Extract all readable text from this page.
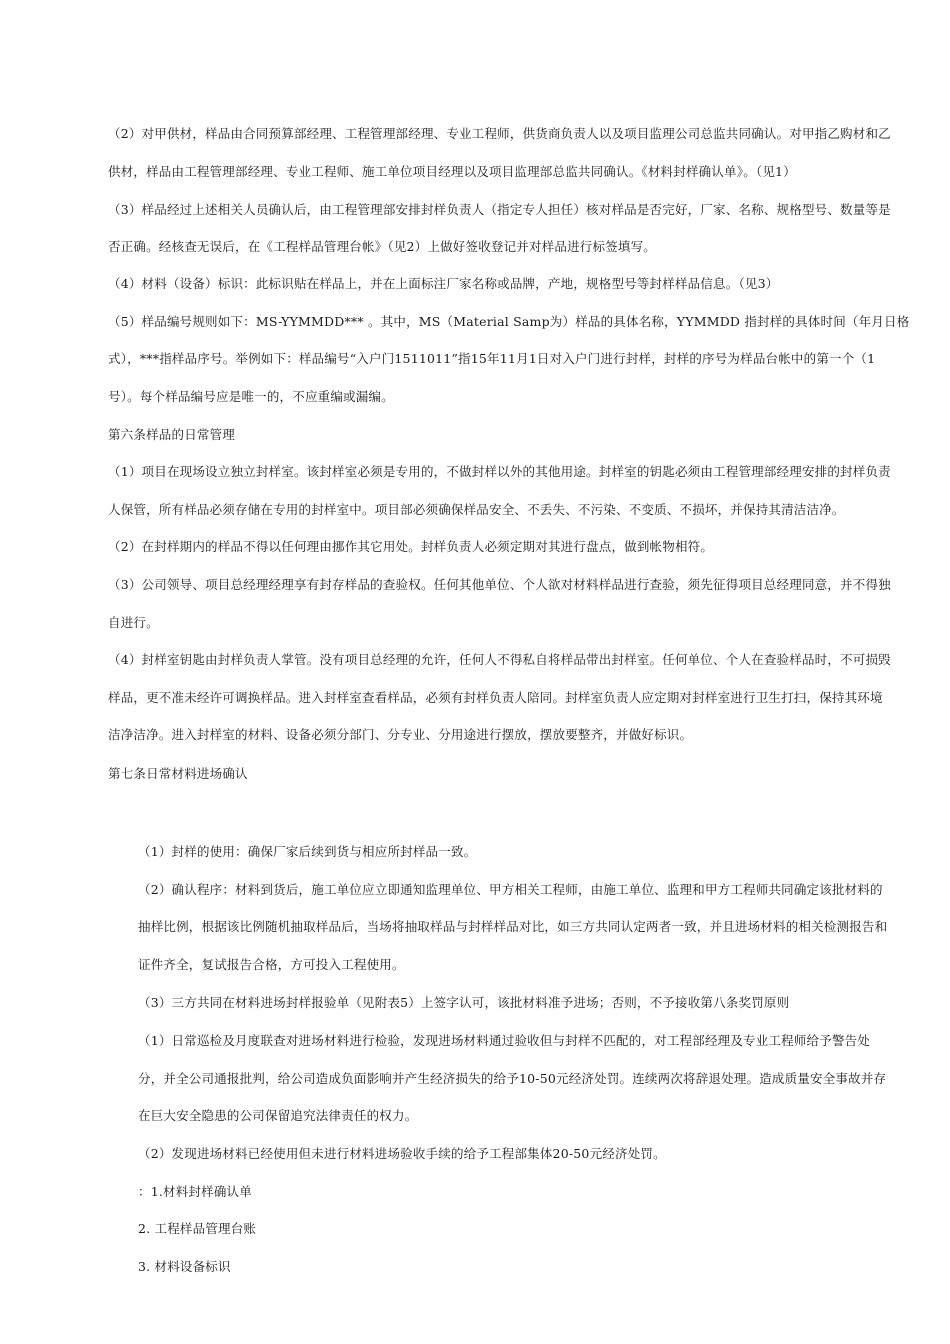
（2）对甲供材，样品由合同预算部经理、工程管理部经理、专业工程师，供货商负责人以及项目监理公司总监共同确认。对甲指乙购材和乙
供材，样品由工程管理部经理、专业工程师、施工单位项目经理以及项目监理部总监共同确认。《材料封样确认单》。（见1）
（3）样品经过上述相关人员确认后，由工程管理部安排封样负责人（指定专人担任）核对样品是否完好，厂家、名称、规格型号、数量等是
否正确。经核查无误后，在《工程样品管理台帐》（见2）上做好签收登记并对样品进行标签填写。
（4）材料（设备）标识：此标识贴在样品上，并在上面标注厂家名称或品牌，产地，规格型号等封样样品信息。（见3）
（5）样品编号规则如下：MS-YYMMDD*** 。其中，MS（Material Samp为）样品的具体名称，YYMMDD 指封样的具体时间（年月日格
式），***指样品序号。举例如下：样品编号“入户门1511011”指15年11月1日对入户门进行封样，封样的序号为样品台帐中的第一个（1
号）。每个样品编号应是唯一的，不应重编或漏编。
第六条样品的日常管理
（1）项目在现场设立独立封样室。该封样室必须是专用的，不做封样以外的其他用途。封样室的钥匙必须由工程管理部经理安排的封样负责
人保管，所有样品必须存储在专用的封样室中。项目部必须确保样品安全、不丢失、不污染、不变质、不损坏，并保持其清洁洁净。
（2）在封样期内的样品不得以任何理由挪作其它用处。封样负责人必须定期对其进行盘点，做到帐物相符。
（3）公司领导、项目总经理经理享有封存样品的查验权。任何其他单位、个人欲对材料样品进行查验，须先征得项目总经理同意，并不得独
自进行。
（4）封样室钥匙由封样负责人掌管。没有项目总经理的允许，任何人不得私自将样品带出封样室。任何单位、个人在查验样品时，不可损毁
样品，更不准未经许可调换样品。进入封样室查看样品，必须有封样负责人陪同。封样室负责人应定期对封样室进行卫生打扫，保持其环境
洁净洁净。进入封样室的材料、设备必须分部门、分专业、分用途进行摆放，摆放要整齐，并做好标识。
第七条日常材料进场确认
（1）封样的使用：确保厂家后续到货与相应所封样品一致。
（2）确认程序：材料到货后，施工单位应立即通知监理单位、甲方相关工程师，由施工单位、监理和甲方工程师共同确定该批材料的
抽样比例，根据该比例随机抽取样品后，当场将抽取样品与封样样品对比，如三方共同认定两者一致，并且进场材料的相关检测报告和
证件齐全，复试报告合格，方可投入工程使用。
（3）三方共同在材料进场封样报验单（见附表5）上签字认可，该批材料准予进场；否则，不予接收第八条奖罚原则
（1）日常巡检及月度联查对进场材料进行检验，发现进场材料通过验收但与封样不匹配的，对工程部经理及专业工程师给予警告处
分，并全公司通报批判，给公司造成负面影响并产生经济损失的给予10-50元经济处罚。连续两次将辞退处理。造成质量安全事故并存
在巨大安全隐患的公司保留追究法律责任的权力。
（2）发现进场材料已经使用但未进行材料进场验收手续的给予工程部集体20-50元经济处罚。
：1.材料封样确认单
2. 工程样品管理台账
3. 材料设备标识
